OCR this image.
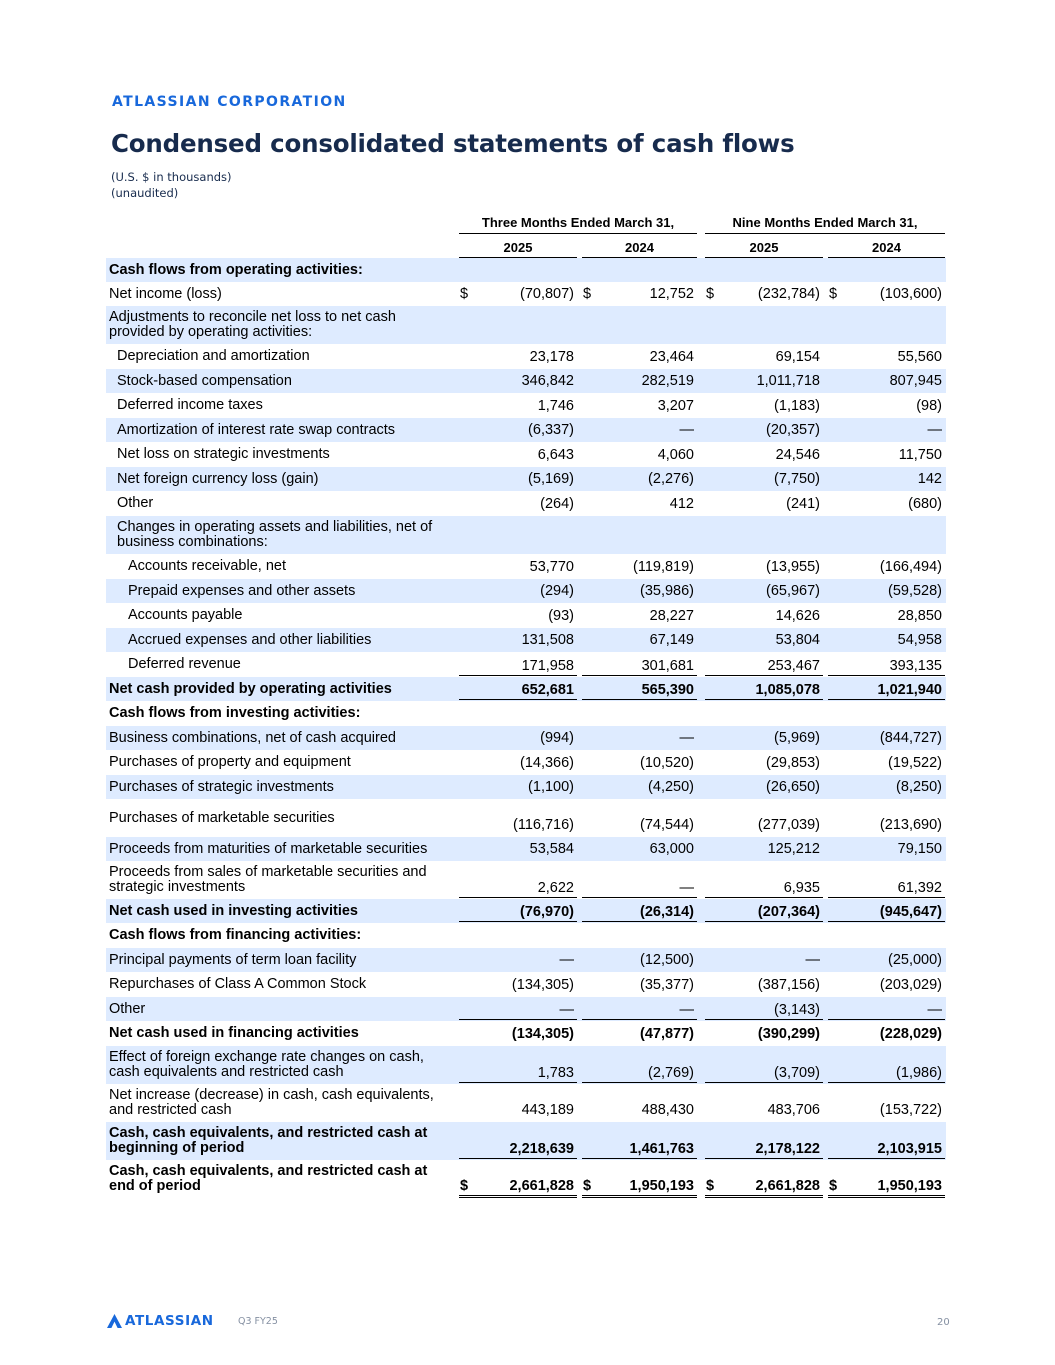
ATLASSIAN CORPORATION
Condensed consolidated statements of cash flows
(U.S. $ in thousands)
(unaudited)
Three Months Ended March 31,	Nine Months Ended March 31,
2025	2024	2025	2024
Cash flows from operating activities:
Net income (loss)	$	(70,807) $	12,752 $	(232,784) $	(103,600)
Adjustments to reconcile net loss to net cash provided by operating activities:
Depreciation and amortization	23,178	23,464	69,154	55,560
Stock-based compensation	346,842	282,519	1,011,718	807,945
Deferred income taxes	1,746	3,207	(1,183)	(98)
Amortization of interest rate swap contracts	(6,337)	—	(20,357)	—
Net loss on strategic investments	6,643	4,060	24,546	11,750
Net foreign currency loss (gain)	(5,169)	(2,276)	(7,750)	142
Other	(264)	412	(241)	(680)
Changes in operating assets and liabilities, net of business combinations:
Accounts receivable, net	53,770	(119,819)	(13,955)	(166,494)
Prepaid expenses and other assets	(294)	(35,986)	(65,967)	(59,528)
Accounts payable	(93)	28,227	14,626	28,850
Accrued expenses and other liabilities	131,508	67,149	53,804	54,958
Deferred revenue	171,958	301,681	253,467	393,135
Net cash provided by operating activities	652,681	565,390	1,085,078	1,021,940
Cash flows from investing activities:
Business combinations, net of cash acquired	(994)	—	(5,969)	(844,727)
Purchases of property and equipment	(14,366)	(10,520)	(29,853)	(19,522)
Purchases of strategic investments	(1,100)	(4,250)	(26,650)	(8,250)
Purchases of marketable securities	(116,716)	(74,544)	(277,039)	(213,690)
Proceeds from maturities of marketable securities	53,584	63,000	125,212	79,150
Proceeds from sales of marketable securities and strategic investments	2,622	—	6,935	61,392
Net cash used in investing activities	(76,970)	(26,314)	(207,364)	(945,647)
Cash flows from financing activities:
Principal payments of term loan facility	—	(12,500)	—	(25,000)
Repurchases of Class A Common Stock	(134,305)	(35,377)	(387,156)	(203,029)
Other	—	—	(3,143)	—
Net cash used in financing activities	(134,305)	(47,877)	(390,299)	(228,029)
Effect of foreign exchange rate changes on cash, cash equivalents and restricted cash	1,783	(2,769)	(3,709)	(1,986)
Net increase (decrease) in cash, cash equivalents, and restricted cash	443,189	488,430	483,706	(153,722)
Cash, cash equivalents, and restricted cash at beginning of period	2,218,639	1,461,763	2,178,122	2,103,915
Cash, cash equivalents, and restricted cash at end of period	$	2,661,828 $	1,950,193 $	2,661,828 $	1,950,193
ATLASSIAN	Q3 FY25	20
